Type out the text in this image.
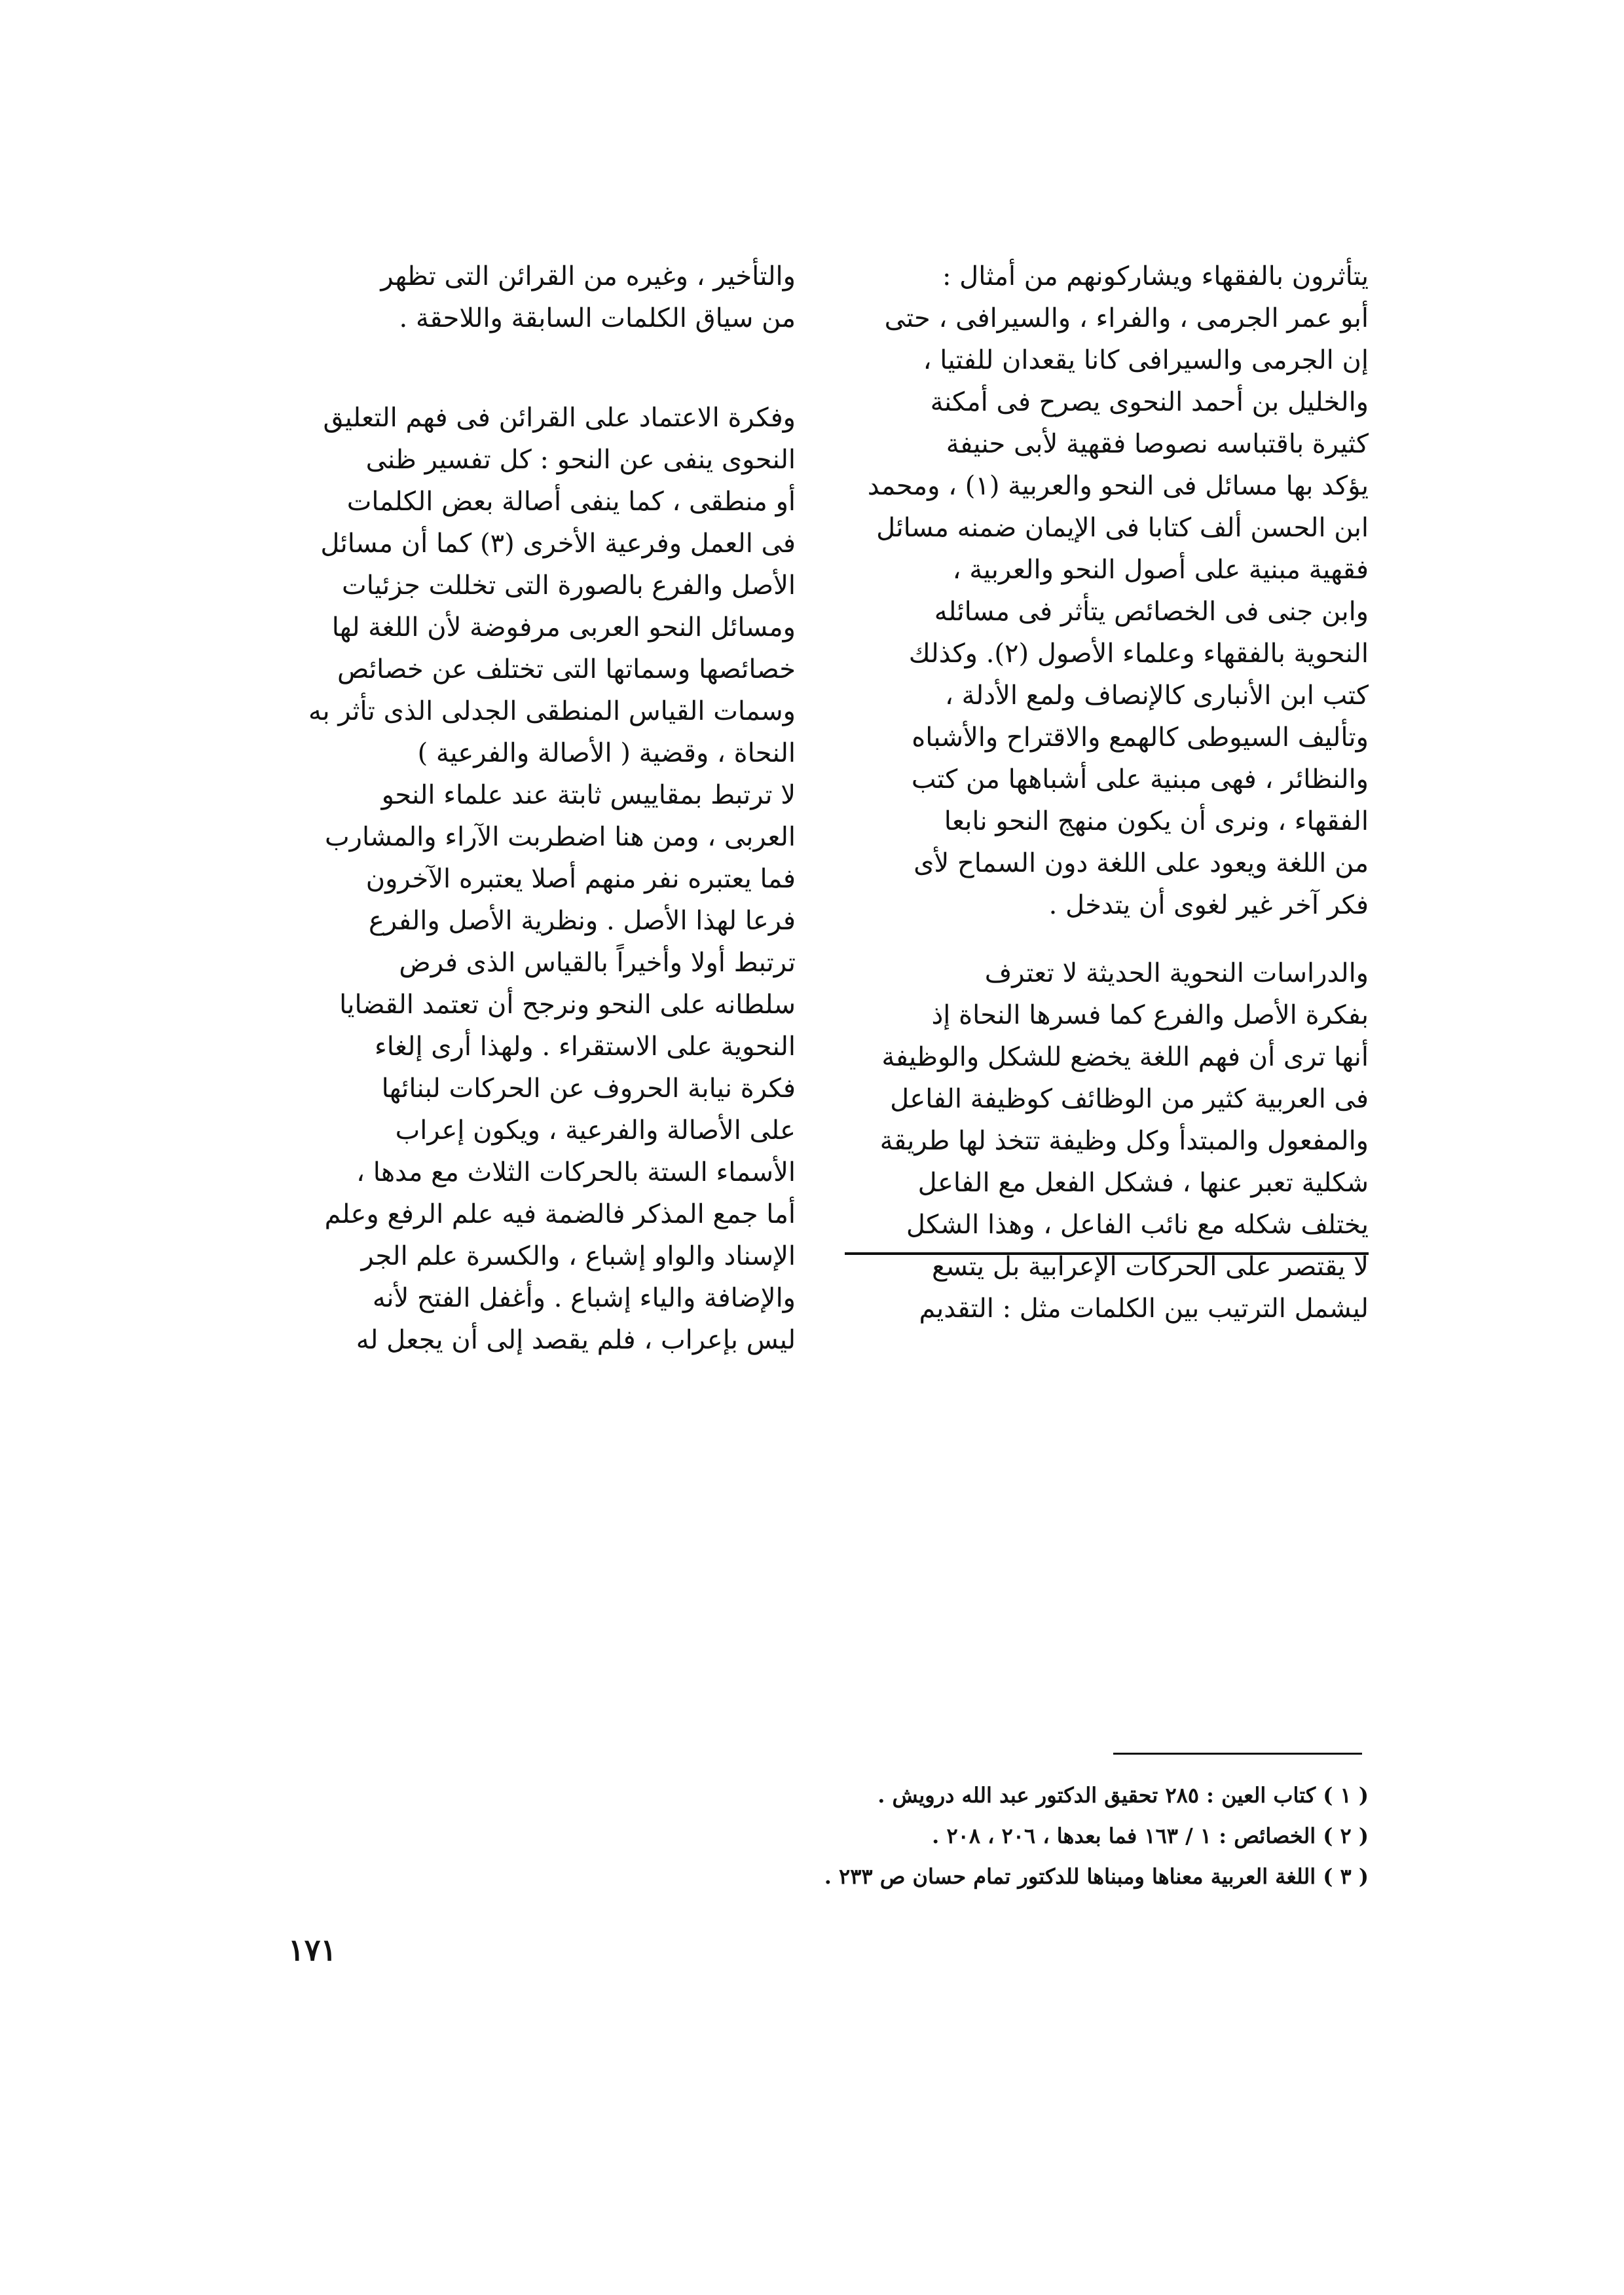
يتأثرون بالفقهاء ويشاركونهم من أمثال :
أبو عمر الجرمى ، والفراء ، والسيرافى ، حتى
إن الجرمى والسيرافى كانا يقعدان للفتيا ،
والخليل بن أحمد النحوى يصرح فى أمكنة
كثيرة باقتباسه نصوصا فقهية لأبى حنيفة
يؤكد بها مسائل فى النحو والعربية (١) ، ومحمد
ابن الحسن ألف كتابا فى الإيمان ضمنه مسائل
فقهية مبنية على أصول النحو والعربية ،
وابن جنى فى الخصائص يتأثر فى مسائله
النحوية بالفقهاء وعلماء الأصول (٢). وكذلك
كتب ابن الأنبارى كالإنصاف ولمع الأدلة ،
وتأليف السيوطى كالهمع والاقتراح والأشباه
والنظائر ، فهى مبنية على أشباهها من كتب
الفقهاء ، ونرى أن يكون منهج النحو نابعا
من اللغة ويعود على اللغة دون السماح لأى
فكر آخر غير لغوى أن يتدخل .
والدراسات النحوية الحديثة لا تعترف
بفكرة الأصل والفرع كما فسرها النحاة إذ
أنها ترى أن فهم اللغة يخضع للشكل والوظيفة
فى العربية كثير من الوظائف كوظيفة الفاعل
والمفعول والمبتدأ وكل وظيفة تتخذ لها طريقة
شكلية تعبر عنها ، فشكل الفعل مع الفاعل
يختلف شكله مع نائب الفاعل ، وهذا الشكل
لا يقتصر على الحركات الإعرابية بل يتسع
ليشمل الترتيب بين الكلمات مثل : التقديم
والتأخير ، وغيره من القرائن التى تظهر
من سياق الكلمات السابقة واللاحقة .
وفكرة الاعتماد على القرائن فى فهم التعليق
النحوى ينفى عن النحو : كل تفسير ظنى
أو منطقى ، كما ينفى أصالة بعض الكلمات
فى العمل وفرعية الأخرى (٣) كما أن مسائل
الأصل والفرع بالصورة التى تخللت جزئيات
ومسائل النحو العربى مرفوضة لأن اللغة لها
خصائصها وسماتها التى تختلف عن خصائص
وسمات القياس المنطقى الجدلى الذى تأثر به
النحاة ، وقضية ( الأصالة والفرعية )
لا ترتبط بمقاييس ثابتة عند علماء النحو
العربى ، ومن هنا اضطربت الآراء والمشارب
فما يعتبره نفر منهم أصلا يعتبره الآخرون
فرعا لهذا الأصل . ونظرية الأصل والفرع
ترتبط أولا وأخيراً بالقياس الذى فرض
سلطانه على النحو ونرجح أن تعتمد القضايا
النحوية على الاستقراء . ولهذا أرى إلغاء
فكرة نيابة الحروف عن الحركات لبنائها
على الأصالة والفرعية ، ويكون إعراب
الأسماء الستة بالحركات الثلاث مع مدها ،
أما جمع المذكر فالضمة فيه علم الرفع وعلم
الإسناد والواو إشباع ، والكسرة علم الجر
والإضافة والياء إشباع . وأغفل الفتح لأنه
ليس بإعراب ، فلم يقصد إلى أن يجعل له
( ١ ) كتاب العين : ٢٨٥ تحقيق الدكتور عبد الله درويش .
( ٢ ) الخصائص : ١ / ١٦٣ فما بعدها ، ٢٠٦ ، ٢٠٨ .
( ٣ ) اللغة العربية معناها ومبناها للدكتور تمام حسان ص ٢٣٣ .
١٧١
